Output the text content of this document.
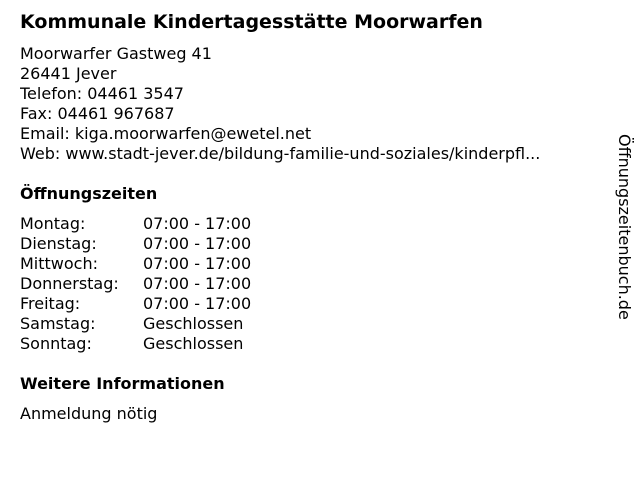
Kommunale Kindertagesstätte Moorwarfen
Moorwarfer Gastweg 41
26441 Jever
Telefon: 04461 3547
Fax: 04461 967687
Email: kiga.moorwarfen@ewetel.net
Web: www.stadt-jever.de/bildung-familie-und-soziales/kinderpfl...
Öffnungszeiten
Montag:	07:00 - 17:00
Dienstag:	07:00 - 17:00
Mittwoch:	07:00 - 17:00
Donnerstag:	07:00 - 17:00
Freitag:	07:00 - 17:00
Samstag:	Geschlossen
Sonntag:	Geschlossen
Weitere Informationen
Anmeldung nötig
Öffnungszeitenbuch.de
